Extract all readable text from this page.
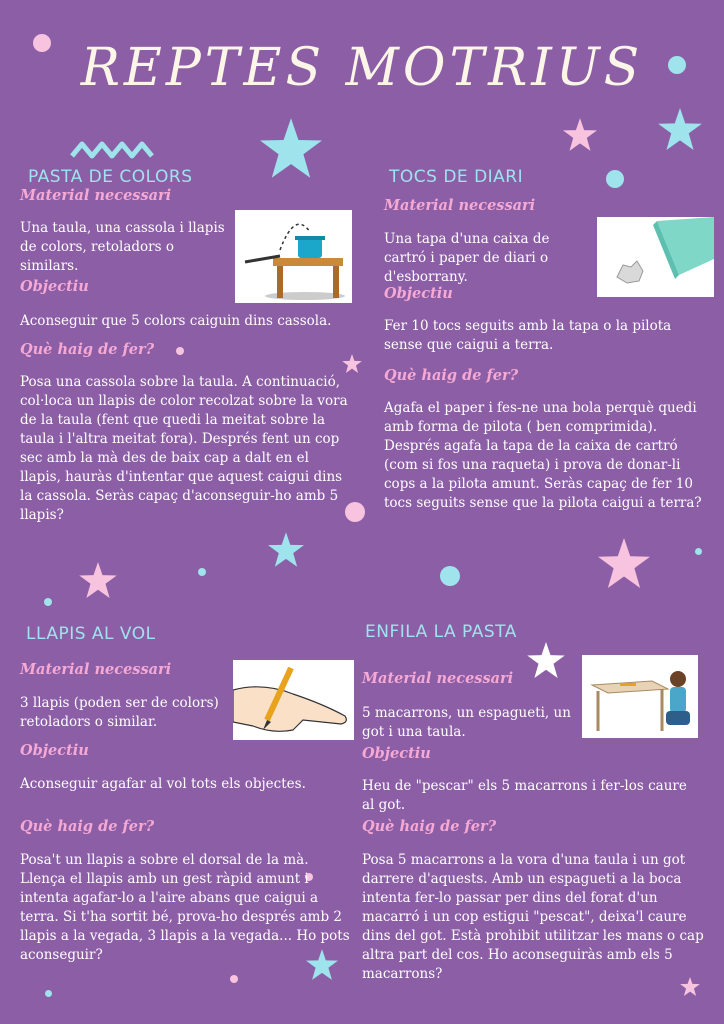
REPTES MOTRIUS
PASTA DE COLORS
Material necessari
Una taula, una cassola i llapis de colors, retoladors o similars.
Objectiu
Aconseguir que 5 colors caiguin dins cassola.
Què haig de fer?
Posa una cassola sobre la taula. A continuació, col·loca un llapis de color recolzat sobre la vora de la taula (fent que quedi la meitat sobre la taula i l'altra meitat fora). Després fent un cop sec amb la mà des de baix cap a dalt en el llapis, hauràs d'intentar que aquest caigui dins la cassola. Seràs capaç d'aconseguir-ho amb 5 llapis?
TOCS DE DIARI
Material necessari
Una tapa d'una caixa de cartró i paper de diari o d'esborrany.
Objectiu
Fer 10 tocs seguits amb la tapa o la pilota sense que caigui a terra.
Què haig de fer?
Agafa el paper i fes-ne una bola perquè quedi amb forma de pilota ( ben comprimida). Després agafa la tapa de la caixa de cartró (com si fos una raqueta) i prova de donar-li cops a la pilota amunt. Seràs capaç de fer 10 tocs seguits sense que la pilota caigui a terra?
LLAPIS AL VOL
Material necessari
3 llapis (poden ser de colors) retoladors o similar.
Objectiu
Aconseguir agafar al vol tots els objectes.
Què haig de fer?
Posa't un llapis a sobre el dorsal de la mà. Llença el llapis amb un gest ràpid amunt i intenta agafar-lo a l'aire abans que caigui a terra. Si t'ha sortit bé, prova-ho després amb 2 llapis a la vegada, 3 llapis a la vegada... Ho pots aconseguir?
ENFILA LA PASTA
Material necessari
5 macarrons, un espagueti, un got i una taula.
Objectiu
Heu de "pescar" els 5 macarrons i fer-los caure al got.
Què haig de fer?
Posa 5 macarrons a la vora d'una taula i un got darrere d'aquests. Amb un espagueti a la boca intenta fer-lo passar per dins del forat d'un macarró i un cop estigui "pescat", deixa'l caure dins del got. Està prohibit utilitzar les mans o cap altra part del cos. Ho aconseguiràs amb els 5 macarrons?
